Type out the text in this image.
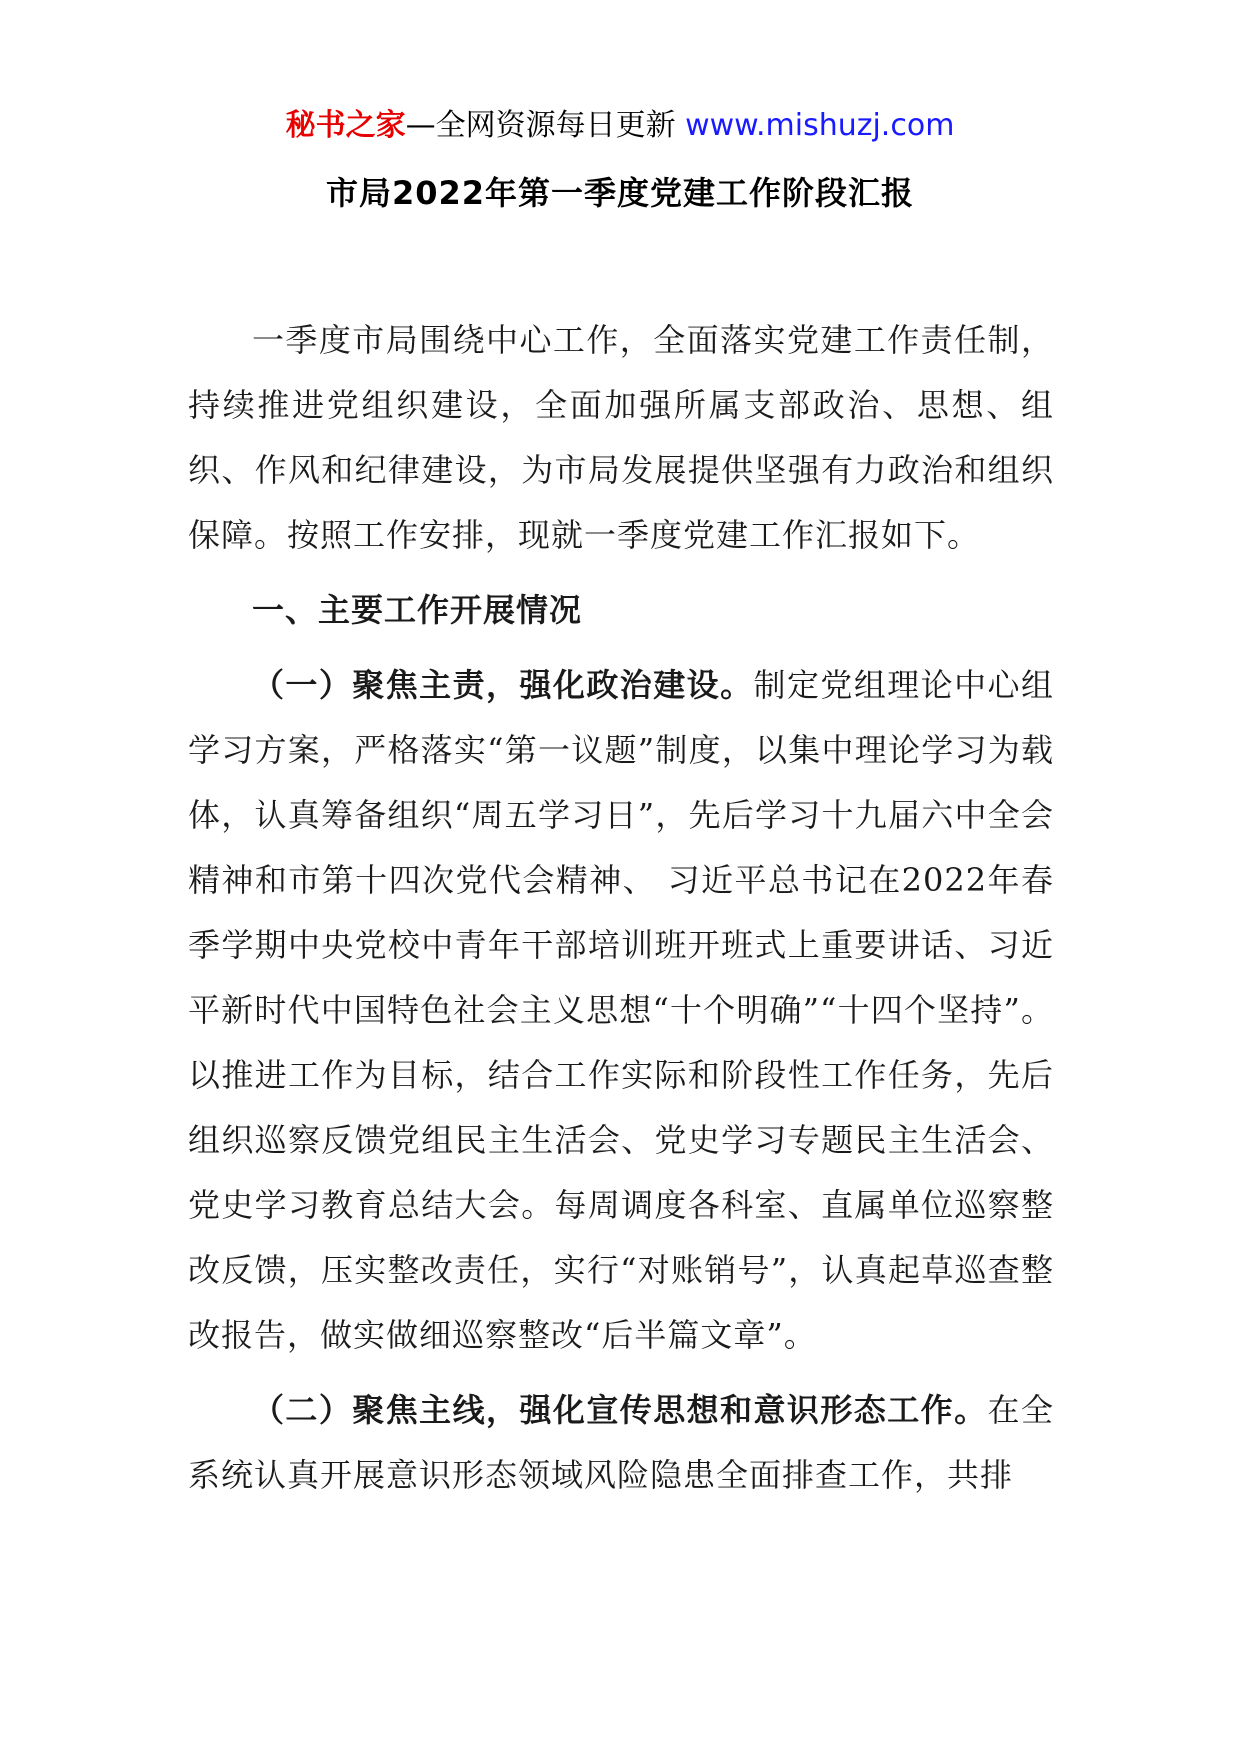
秘书之家—全网资源每日更新 www.mishuzj.com
市局2022年第一季度党建工作阶段汇报

一季度市局围绕中心工作，全面落实党建工作责任制，持续推进党组织建设，全面加强所属支部政治、思想、组织、作风和纪律建设，为市局发展提供坚强有力政治和组织保障。按照工作安排，现就一季度党建工作汇报如下。

一、主要工作开展情况

（一）聚焦主责，强化政治建设。制定党组理论中心组学习方案，严格落实“第一议题”制度，以集中理论学习为载体，认真筹备组织“周五学习日”，先后学习十九届六中全会精神和市第十四次党代会精神、 习近平总书记在2022年春季学期中央党校中青年干部培训班开班式上重要讲话、习近平新时代中国特色社会主义思想“十个明确”“十四个坚持”。以推进工作为目标，结合工作实际和阶段性工作任务，先后组织巡察反馈党组民主生活会、党史学习专题民主生活会、党史学习教育总结大会。每周调度各科室、直属单位巡察整改反馈，压实整改责任，实行“对账销号”，认真起草巡查整改报告，做实做细巡察整改“后半篇文章”。

（二）聚焦主线，强化宣传思想和意识形态工作。在全系统认真开展意识形态领域风险隐患全面排查工作，共排
